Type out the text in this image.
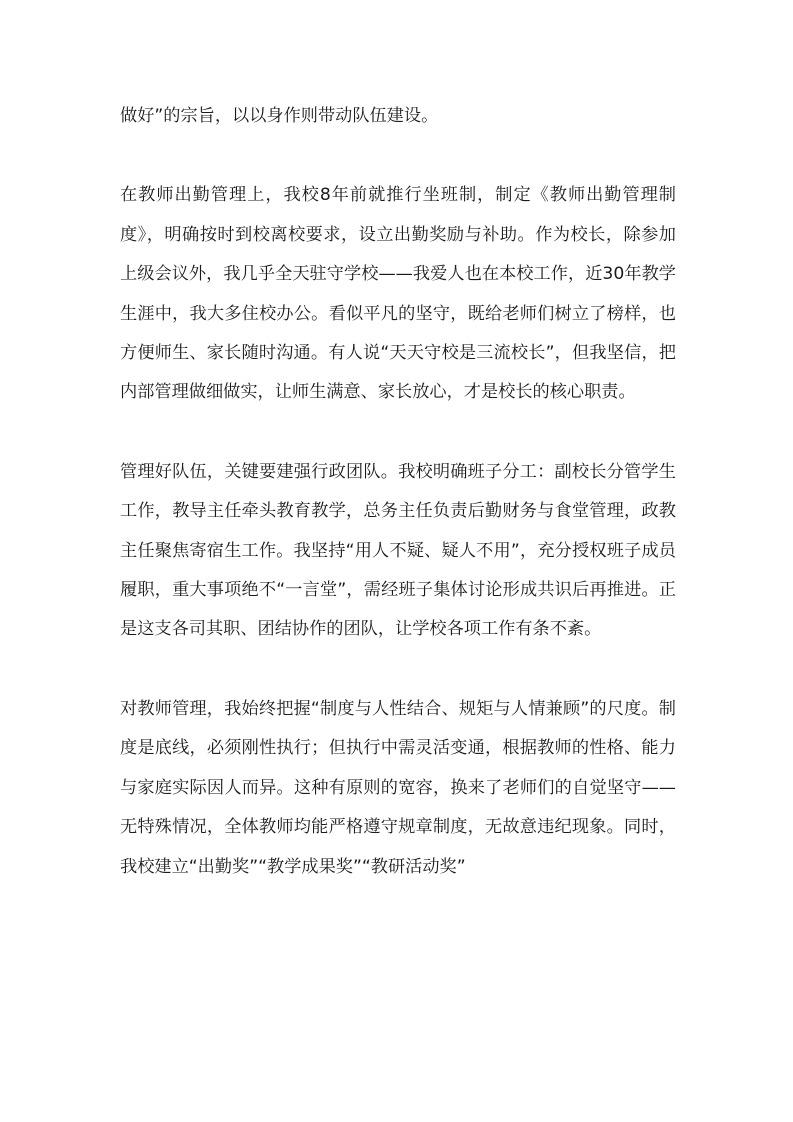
做好”的宗旨，以以身作则带动队伍建设。

在教师出勤管理上，我校8年前就推行坐班制，制定《教师出勤管理制度》，明确按时到校离校要求，设立出勤奖励与补助。作为校长，除参加上级会议外，我几乎全天驻守学校——我爱人也在本校工作，近30年教学生涯中，我大多住校办公。看似平凡的坚守，既给老师们树立了榜样，也方便师生、家长随时沟通。有人说“天天守校是三流校长”，但我坚信，把内部管理做细做实，让师生满意、家长放心，才是校长的核心职责。

管理好队伍，关键要建强行政团队。我校明确班子分工：副校长分管学生工作，教导主任牵头教育教学，总务主任负责后勤财务与食堂管理，政教主任聚焦寄宿生工作。我坚持“用人不疑、疑人不用”，充分授权班子成员履职，重大事项绝不“一言堂”，需经班子集体讨论形成共识后再推进。正是这支各司其职、团结协作的团队，让学校各项工作有条不紊。

对教师管理，我始终把握“制度与人性结合、规矩与人情兼顾”的尺度。制度是底线，必须刚性执行；但执行中需灵活变通，根据教师的性格、能力与家庭实际因人而异。这种有原则的宽容，换来了老师们的自觉坚守——无特殊情况，全体教师均能严格遵守规章制度，无故意违纪现象。同时，我校建立“出勤奖”“教学成果奖”“教研活动奖”
